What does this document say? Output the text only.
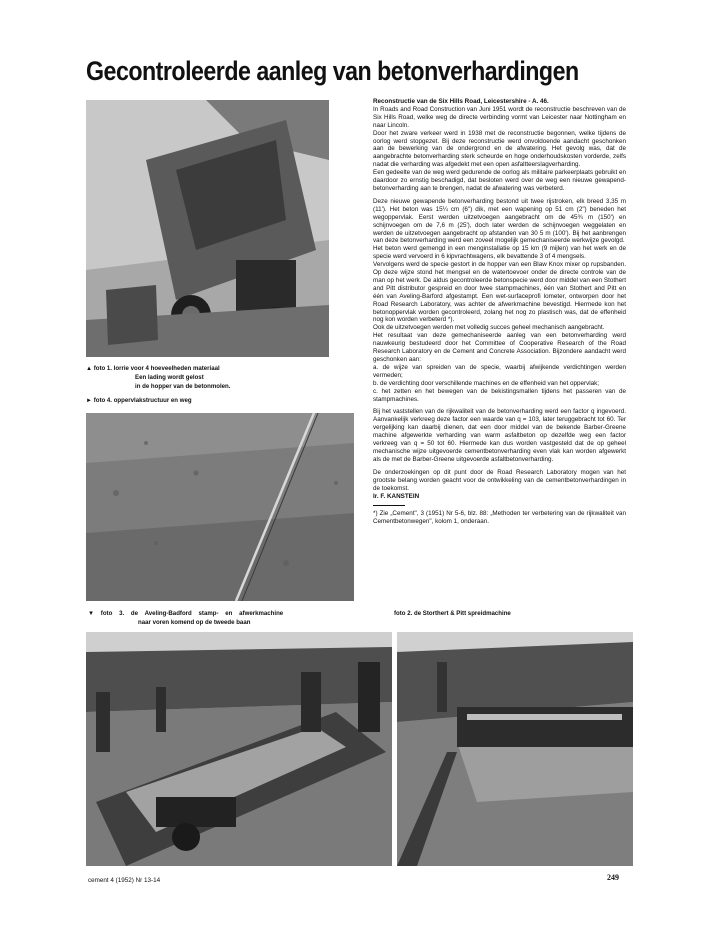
Gecontroleerde aanleg van betonverhardingen
▲ foto 1. lorrie voor 4 hoeveelheden materiaal
Een lading wordt gelost
in de hopper van de betonmolen.
► foto 4. oppervlakstructuur en weg
▼    foto    3.    de    Aveling-Badford    stamp-    en    afwerkmachine
naar voren komend op de tweede baan
foto 2. de Storthert & Pitt spreidmachine

Reconstructie van de Six Hills Road, Leicestershire - A. 46.

In Roads and Road Construction van Juni 1951 wordt de reconstructie beschreven van de Six Hills Road, welke weg de directe verbinding vormt van Leicester naar Nottingham en naar Lincoln.

Door het zware verkeer werd in 1938 met de reconstructie begonnen, welke tijdens de oorlog werd stopgezet. Bij deze reconstructie werd onvoldoende aandacht geschonken aan de bewerking van de ondergrond en de afwatering. Het gevolg was, dat de aangebrachte betonverharding sterk scheurde en hoge onderhoudskosten vorderde, zelfs nadat die verharding was afgedekt met een open asfaltteerslagverharding.

Een gedeelte van de weg werd gedurende de oorlog als militaire parkeerplaats gebruikt en daardoor zo ernstig beschadigd, dat besloten werd over de weg een nieuwe gewapend-betonverharding aan te brengen, nadat de afwatering was verbeterd.

Deze nieuwe gewapende betonverharding bestond uit twee rijstroken, elk breed 3,35 m (11'). Het beton was 15¼ cm (6") dik, met een wapening op 51 cm (2") beneden het wegoppervlak. Eerst werden uitzetvoegen aangebracht om de 45¾ m (150') en schijnvoegen om de 7,6 m (25'), doch later werden de schijnvoegen weggelaten en werden de uitzetvoegen aangebracht op afstanden van 30 5 m (100'). Bij het aanbrengen van deze betonverharding werd een zoveel mogelijk gemechaniseerde werkwijze gevolgd.

Het beton werd gemengd in een menginstallatie op 15 km (9 mijlen) van het werk en de specie werd vervoerd in 6 kipvrachtwagens, elk bevattende 3 of 4 mengsels.

Vervolgens werd de specie gestort in de hopper van een Blaw Knox mixer op rupsbanden. Op deze wijze stond het mengsel en de watertoevoer onder de directe controle van de man op het werk. De aldus gecontroleerde betonspecie werd door middel van een Stothert and Pitt distributor gespreid en door twee stampmachines, één van Stothert and Pitt en één van Aveling-Barford afgestampt. Een wet-surfaceprofi lometer, ontworpen door het Road Research Laboratory, was achter de afwerkmachine bevestigd. Hiermede kon het betonoppervlak worden gecontroleerd, zolang het nog zo plastisch was, dat de effenheid nog kon worden verbeterd *).

Ook de uitzetvoegen werden met volledig succes geheel mechanisch aangebracht.

Het resultaat van deze gemechaniseerde aanleg van een betonverharding werd nauwkeurig bestudeerd door het Committee of Cooperative Research of the Road Research Laboratory en de Cement and Concrete Association. Bijzondere aandacht werd geschonken aan:

a. de wijze van spreiden van de specie, waarbij afwijkende verdichtingen werden vermeden;
b. de verdichting door verschillende machines en de effenheid van het oppervlak;
c. het zetten en het bewegen van de bekistingsmallen tijdens het passeren van de stampmachines.

Bij het vaststellen van de rijkwaliteit van de betonverharding werd een factor q ingevoerd. Aanvankelijk verkreeg deze factor een waarde van q = 103, later teruggebracht tot 60. Ter vergelijking kan daarbij dienen, dat een door middel van de bekende Barber-Greene machine afgewerkte verharding van warm asfaltbeton op dezelfde weg een factor verkreeg van q = 50 tot 60. Hiermede kan dus worden vastgesteld dat de op geheel mechanische wijze uitgevoerde cementbetonverharding even vlak kan worden afgewerkt als de met de Barber-Greene uitgevoerde asfaltbetonverharding.

De onderzoekingen op dit punt door de Road Research Laboratory mogen van het grootste belang worden geacht voor de ontwikkeling van de cementbetonverhardingen in de toekomst.

Ir. F. KANSTEIN

*) Zie „Cement", 3 (1951) Nr 5-6, blz. 88: „Methoden ter verbetering van de rijkwaliteit van Cementbetonwegen", kolom 1, onderaan.

cement 4 (1952) Nr 13-14	249
